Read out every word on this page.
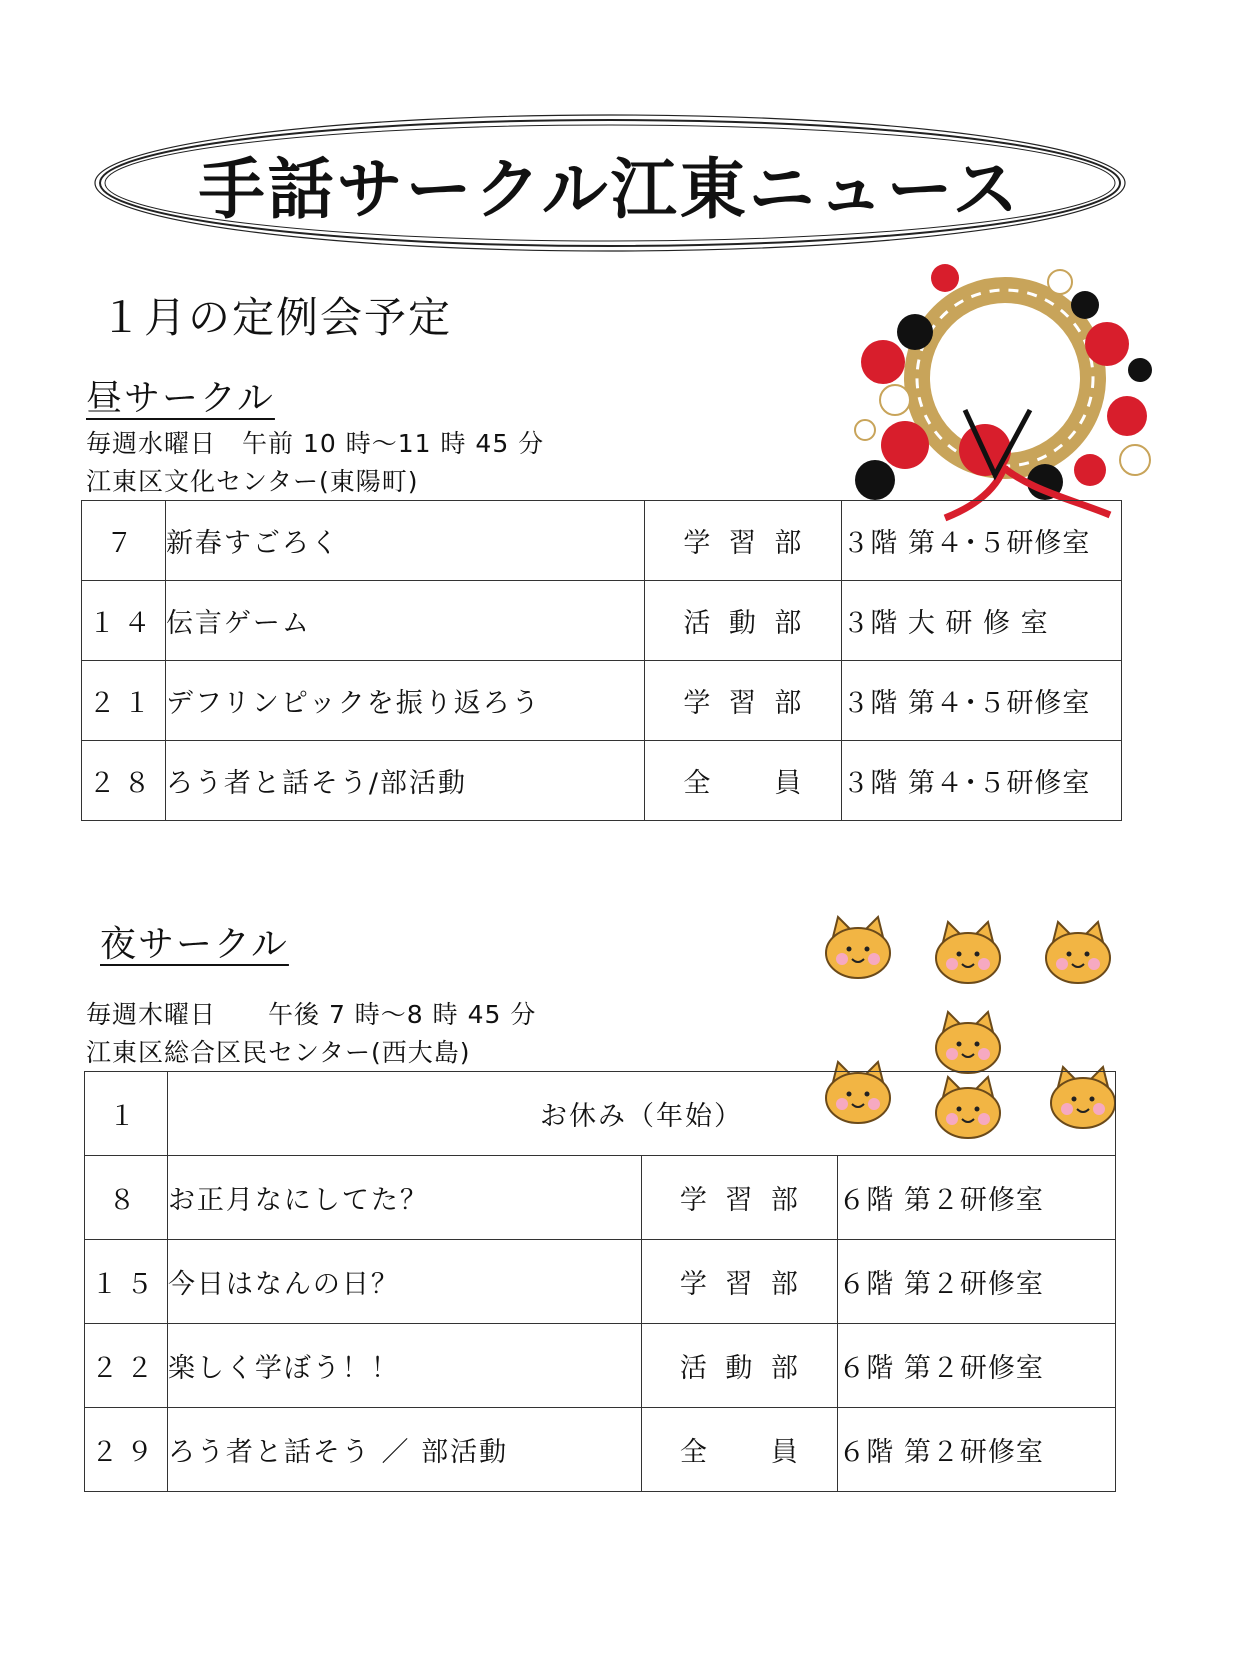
手話サークル江東ニュース
１月の定例会予定
昼サークル
毎週水曜日　午前 10 時～11 時 45 分
江東区文化センター(東陽町)
７	新春すごろく	学 習 部	３階 第４･５研修室
１４	伝言ゲーム	活 動 部	３階 大 研 修 室
２１	デフリンピックを振り返ろう	学 習 部	３階 第４･５研修室
２８	ろう者と話そう/部活動	全 員	３階 第４･５研修室
夜サークル
毎週木曜日　　午後 7 時～8 時 45 分
江東区総合区民センター(西大島)
１	お休み（年始）		
８	お正月なにしてた？	学 習 部	６階 第２研修室
１５	今日はなんの日？	学 習 部	６階 第２研修室
２２	楽しく学ぼう！！	活 動 部	６階 第２研修室
２９	ろう者と話そう ／ 部活動	全 員	６階 第２研修室
